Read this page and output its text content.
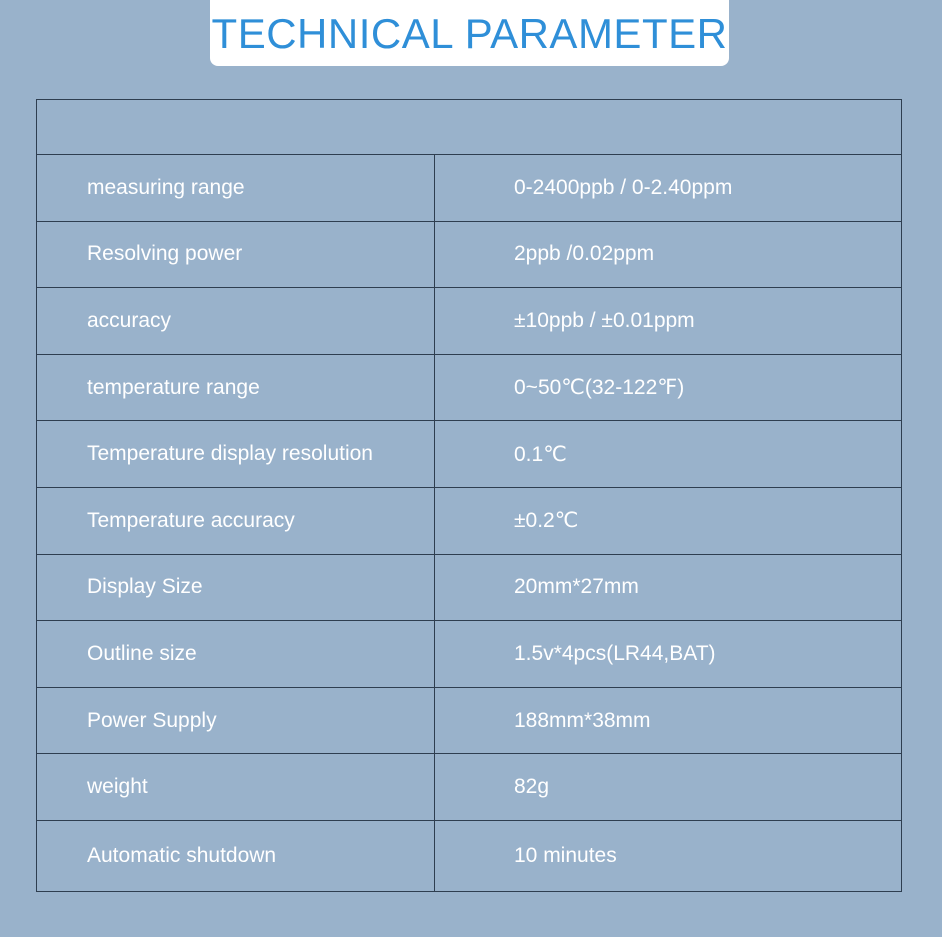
TECHNICAL PARAMETER
measuring range	0-2400ppb / 0-2.40ppm
Resolving power	2ppb /0.02ppm
accuracy	±10ppb / ±0.01ppm
temperature range	0~50℃(32-122℉)
Temperature display resolution	0.1℃
Temperature accuracy	±0.2℃
Display Size	20mm*27mm
Outline size	1.5v*4pcs(LR44,BAT)
Power Supply	188mm*38mm
weight	82g
Automatic shutdown	10 minutes
